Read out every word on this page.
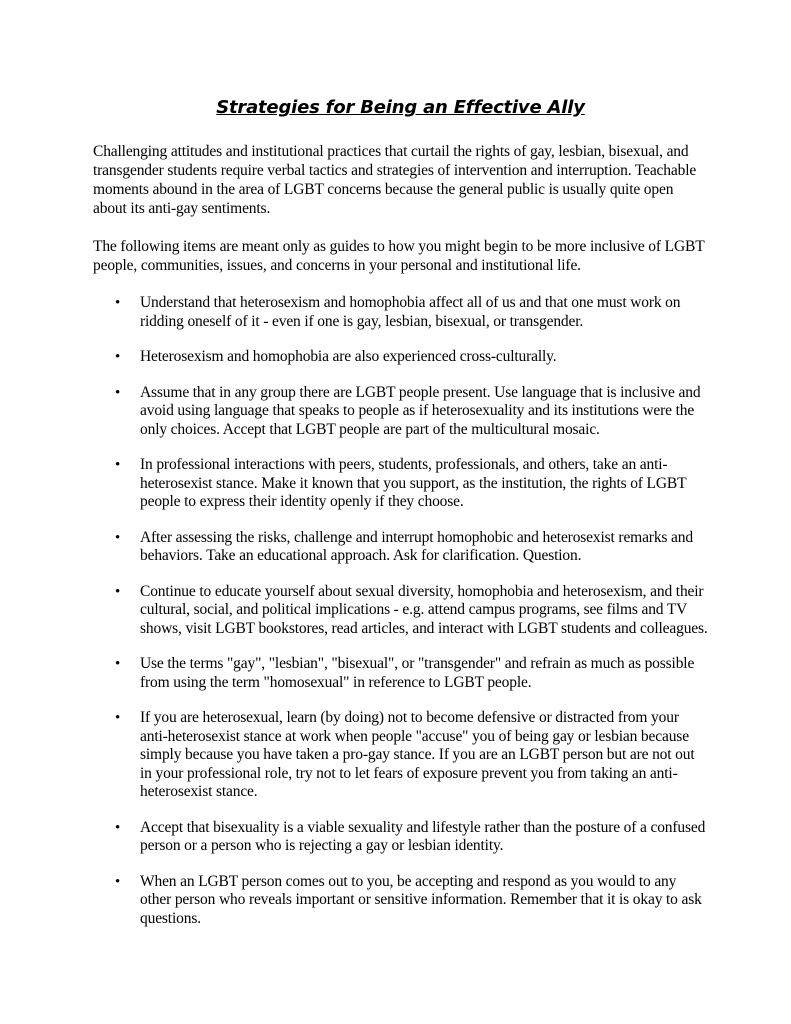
Strategies for Being an Effective Ally

Challenging attitudes and institutional practices that curtail the rights of gay, lesbian, bisexual, and transgender students require verbal tactics and strategies of intervention and interruption. Teachable moments abound in the area of LGBT concerns because the general public is usually quite open about its anti-gay sentiments.

The following items are meant only as guides to how you might begin to be more inclusive of LGBT people, communities, issues, and concerns in your personal and institutional life.

• Understand that heterosexism and homophobia affect all of us and that one must work on ridding oneself of it - even if one is gay, lesbian, bisexual, or transgender.
• Heterosexism and homophobia are also experienced cross-culturally.
• Assume that in any group there are LGBT people present. Use language that is inclusive and avoid using language that speaks to people as if heterosexuality and its institutions were the only choices. Accept that LGBT people are part of the multicultural mosaic.
• In professional interactions with peers, students, professionals, and others, take an anti-heterosexist stance. Make it known that you support, as the institution, the rights of LGBT people to express their identity openly if they choose.
• After assessing the risks, challenge and interrupt homophobic and heterosexist remarks and behaviors. Take an educational approach. Ask for clarification. Question.
• Continue to educate yourself about sexual diversity, homophobia and heterosexism, and their cultural, social, and political implications - e.g. attend campus programs, see films and TV shows, visit LGBT bookstores, read articles, and interact with LGBT students and colleagues.
• Use the terms "gay", "lesbian", "bisexual", or "transgender" and refrain as much as possible from using the term "homosexual" in reference to LGBT people.
• If you are heterosexual, learn (by doing) not to become defensive or distracted from your anti-heterosexist stance at work when people "accuse" you of being gay or lesbian because simply because you have taken a pro-gay stance. If you are an LGBT person but are not out in your professional role, try not to let fears of exposure prevent you from taking an anti-heterosexist stance.
• Accept that bisexuality is a viable sexuality and lifestyle rather than the posture of a confused person or a person who is rejecting a gay or lesbian identity.
• When an LGBT person comes out to you, be accepting and respond as you would to any other person who reveals important or sensitive information. Remember that it is okay to ask questions.
